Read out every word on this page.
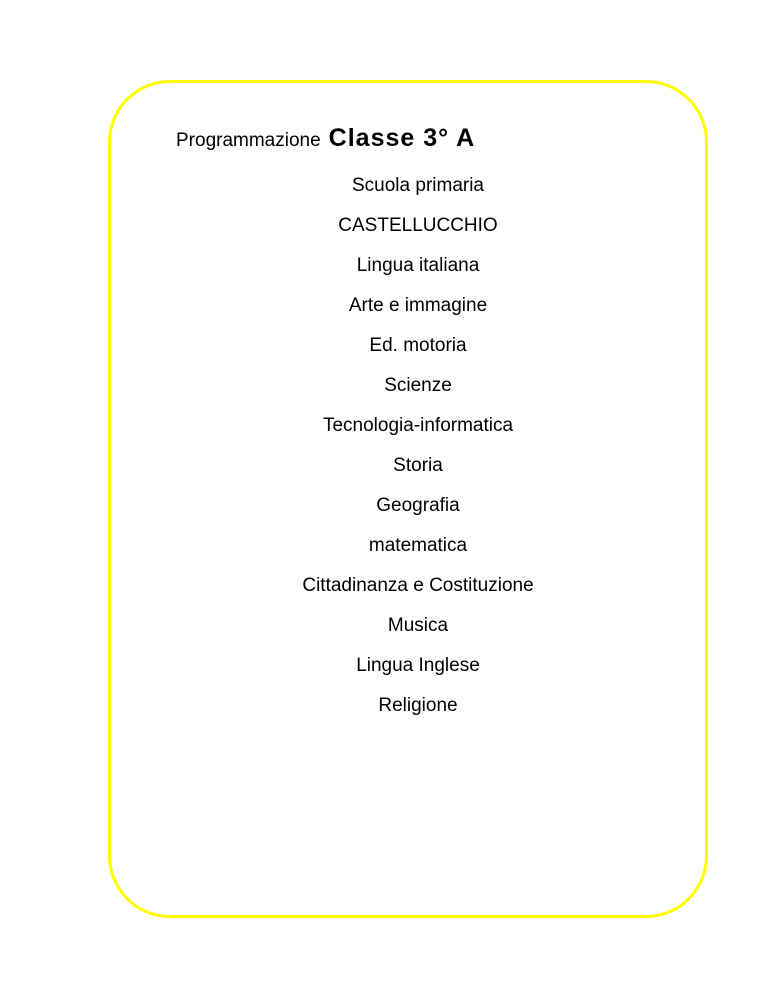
Programmazione Classe 3° A
Scuola primaria
CASTELLUCCHIO
Lingua italiana
Arte e immagine
Ed. motoria
Scienze
Tecnologia-informatica
Storia
Geografia
matematica
Cittadinanza e Costituzione
Musica
Lingua Inglese
Religione
